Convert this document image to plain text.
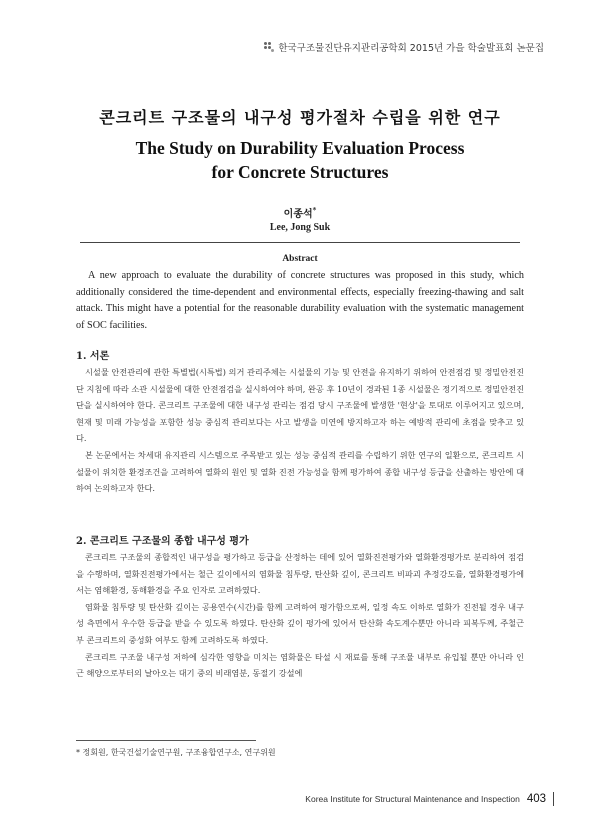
한국구조물진단유지관리공학회 2015년 가을 학술발표회 논문집
콘크리트 구조물의 내구성 평가절차 수립을 위한 연구
The Study on Durability Evaluation Process
for Concrete Structures
이종석*
Lee, Jong Suk
Abstract
A new approach to evaluate the durability of concrete structures was proposed in this study, which additionally considered the time-dependent and environmental effects, especially freezing-thawing and salt attack. This might have a potential for the reasonable durability evaluation with the systematic management of SOC facilities.
1. 서론

시설물 안전관리에 관한 특별법(시특법) 의거 관리주체는 시설물의 기능 및 안전을 유지하기 위하여 안전점검 및 정밀안전진단 지침에 따라 소관 시설물에 대한 안전점검을 실시하여야 하며, 완공 후 10년이 경과된 1종 시설물은 정기적으로 정밀안전진단을 실시하여야 한다. 콘크리트 구조물에 대한 내구성 관리는 점검 당시 구조물에 발생한 '현상'을 토대로 이루어지고 있으며, 현재 및 미래 가능성을 포함한 성능 중심적 관리보다는 사고 발생을 미연에 방지하고자 하는 예방적 관리에 초점을 맞추고 있다.

본 논문에서는 차세대 유지관리 시스템으로 주목받고 있는 성능 중심적 관리를 수립하기 위한 연구의 일환으로, 콘크리트 시설물이 위치한 환경조건을 고려하여 열화의 원인 및 열화 진전 가능성을 함께 평가하여 종합 내구성 등급을 산출하는 방안에 대하여 논의하고자 한다.

2. 콘크리트 구조물의 종합 내구성 평가

콘크리트 구조물의 종합적인 내구성을 평가하고 등급을 산정하는 데에 있어 열화진전평가와 열화환경평가로 분리하여 점검을 수행하며, 열화진전평가에서는 철근 깊이에서의 염화물 침투량, 탄산화 깊이, 콘크리트 비파괴 추정강도를, 열화환경평가에서는 염해환경, 동해환경을 주요 인자로 고려하였다.

염화물 침투량 및 탄산화 깊이는 공용연수(시간)를 함께 고려하여 평가함으로써, 일정 속도 이하로 열화가 진전될 경우 내구성 측면에서 우수한 등급을 받을 수 있도록 하였다. 탄산화 깊이 평가에 있어서 탄산화 속도계수뿐만 아니라 피복두께, 주철근부 콘크리트의 중성화 여부도 함께 고려하도록 하였다.

콘크리트 구조물 내구성 저하에 심각한 영향을 미치는 염화물은 타설 시 재료를 통해 구조물 내부로 유입될 뿐만 아니라 인근 해양으로부터의 날아오는 대기 중의 비래염분, 동절기 강설에

* 정회원, 한국건설기술연구원, 구조융합연구소, 연구위원
Korea Institute for Structural Maintenance and Inspection 403
